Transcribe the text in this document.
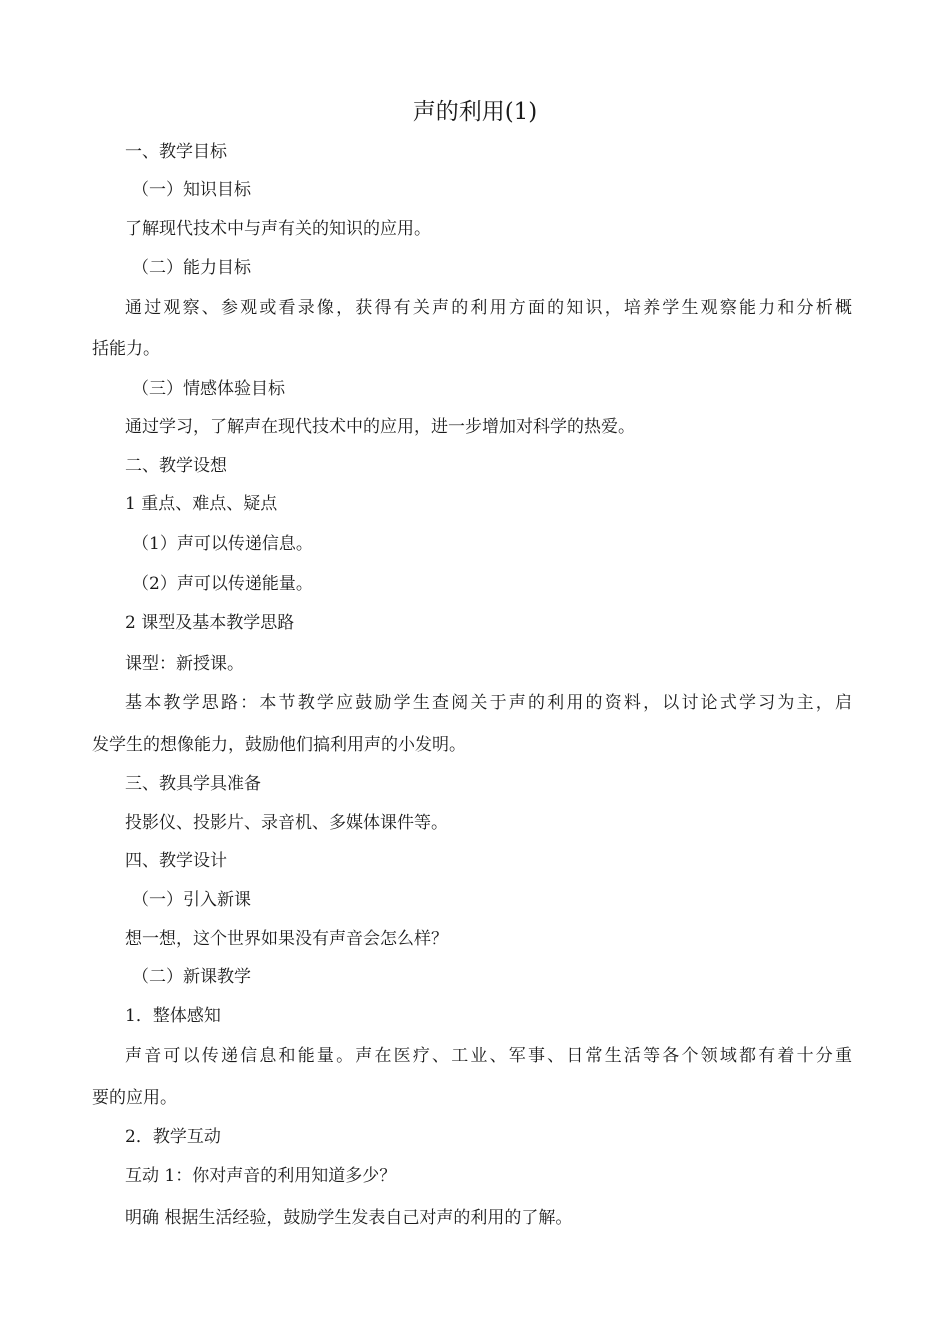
声的利用(1)
一、教学目标
（一）知识目标
了解现代技术中与声有关的知识的应用。
（二）能力目标
通过观察、参观或看录像，获得有关声的利用方面的知识，培养学生观察能力和分析概
括能力。
（三）情感体验目标
通过学习，了解声在现代技术中的应用，进一步增加对科学的热爱。
二、教学设想
1 重点、难点、疑点
（1）声可以传递信息。
（2）声可以传递能量。
2 课型及基本教学思路
课型：新授课。
基本教学思路：本节教学应鼓励学生查阅关于声的利用的资料，以讨论式学习为主，启
发学生的想像能力，鼓励他们搞利用声的小发明。
三、教具学具准备
投影仪、投影片、录音机、多媒体课件等。
四、教学设计
（一）引入新课
想一想，这个世界如果没有声音会怎么样？
（二）新课教学
1．整体感知
声音可以传递信息和能量。声在医疗、工业、军事、日常生活等各个领域都有着十分重
要的应用。
2．教学互动
互动 1：你对声音的利用知道多少？
明确 根据生活经验，鼓励学生发表自己对声的利用的了解。
